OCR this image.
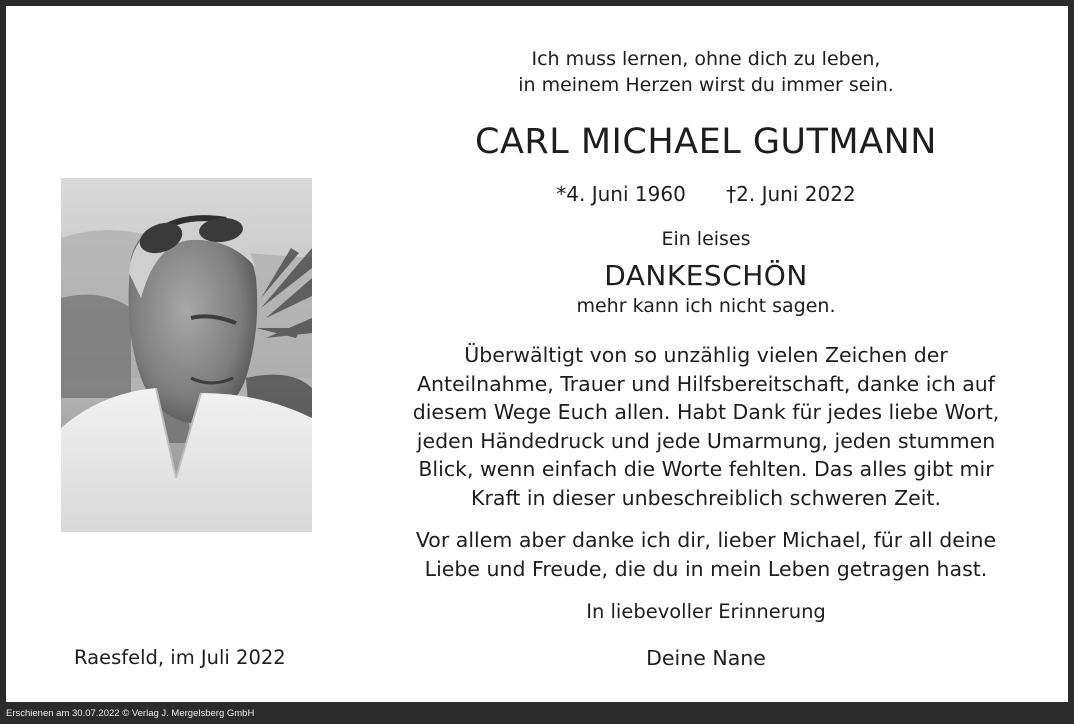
Ich muss lernen, ohne dich zu leben,
in meinem Herzen wirst du immer sein.
CARL MICHAEL GUTMANN
*4. Juni 1960 †2. Juni 2022
Ein leises
DANKESCHÖN
mehr kann ich nicht sagen.
Überwältigt von so unzählig vielen Zeichen der
Anteilnahme, Trauer und Hilfsbereitschaft, danke ich auf
diesem Wege Euch allen. Habt Dank für jedes liebe Wort,
jeden Händedruck und jede Umarmung, jeden stummen
Blick, wenn einfach die Worte fehlten. Das alles gibt mir
Kraft in dieser unbeschreiblich schweren Zeit.
Vor allem aber danke ich dir, lieber Michael, für all deine
Liebe und Freude, die du in mein Leben getragen hast.
In liebevoller Erinnerung
Deine Nane
Raesfeld, im Juli 2022
Erschienen am 30.07.2022 © Verlag J. Mergelsberg GmbH
